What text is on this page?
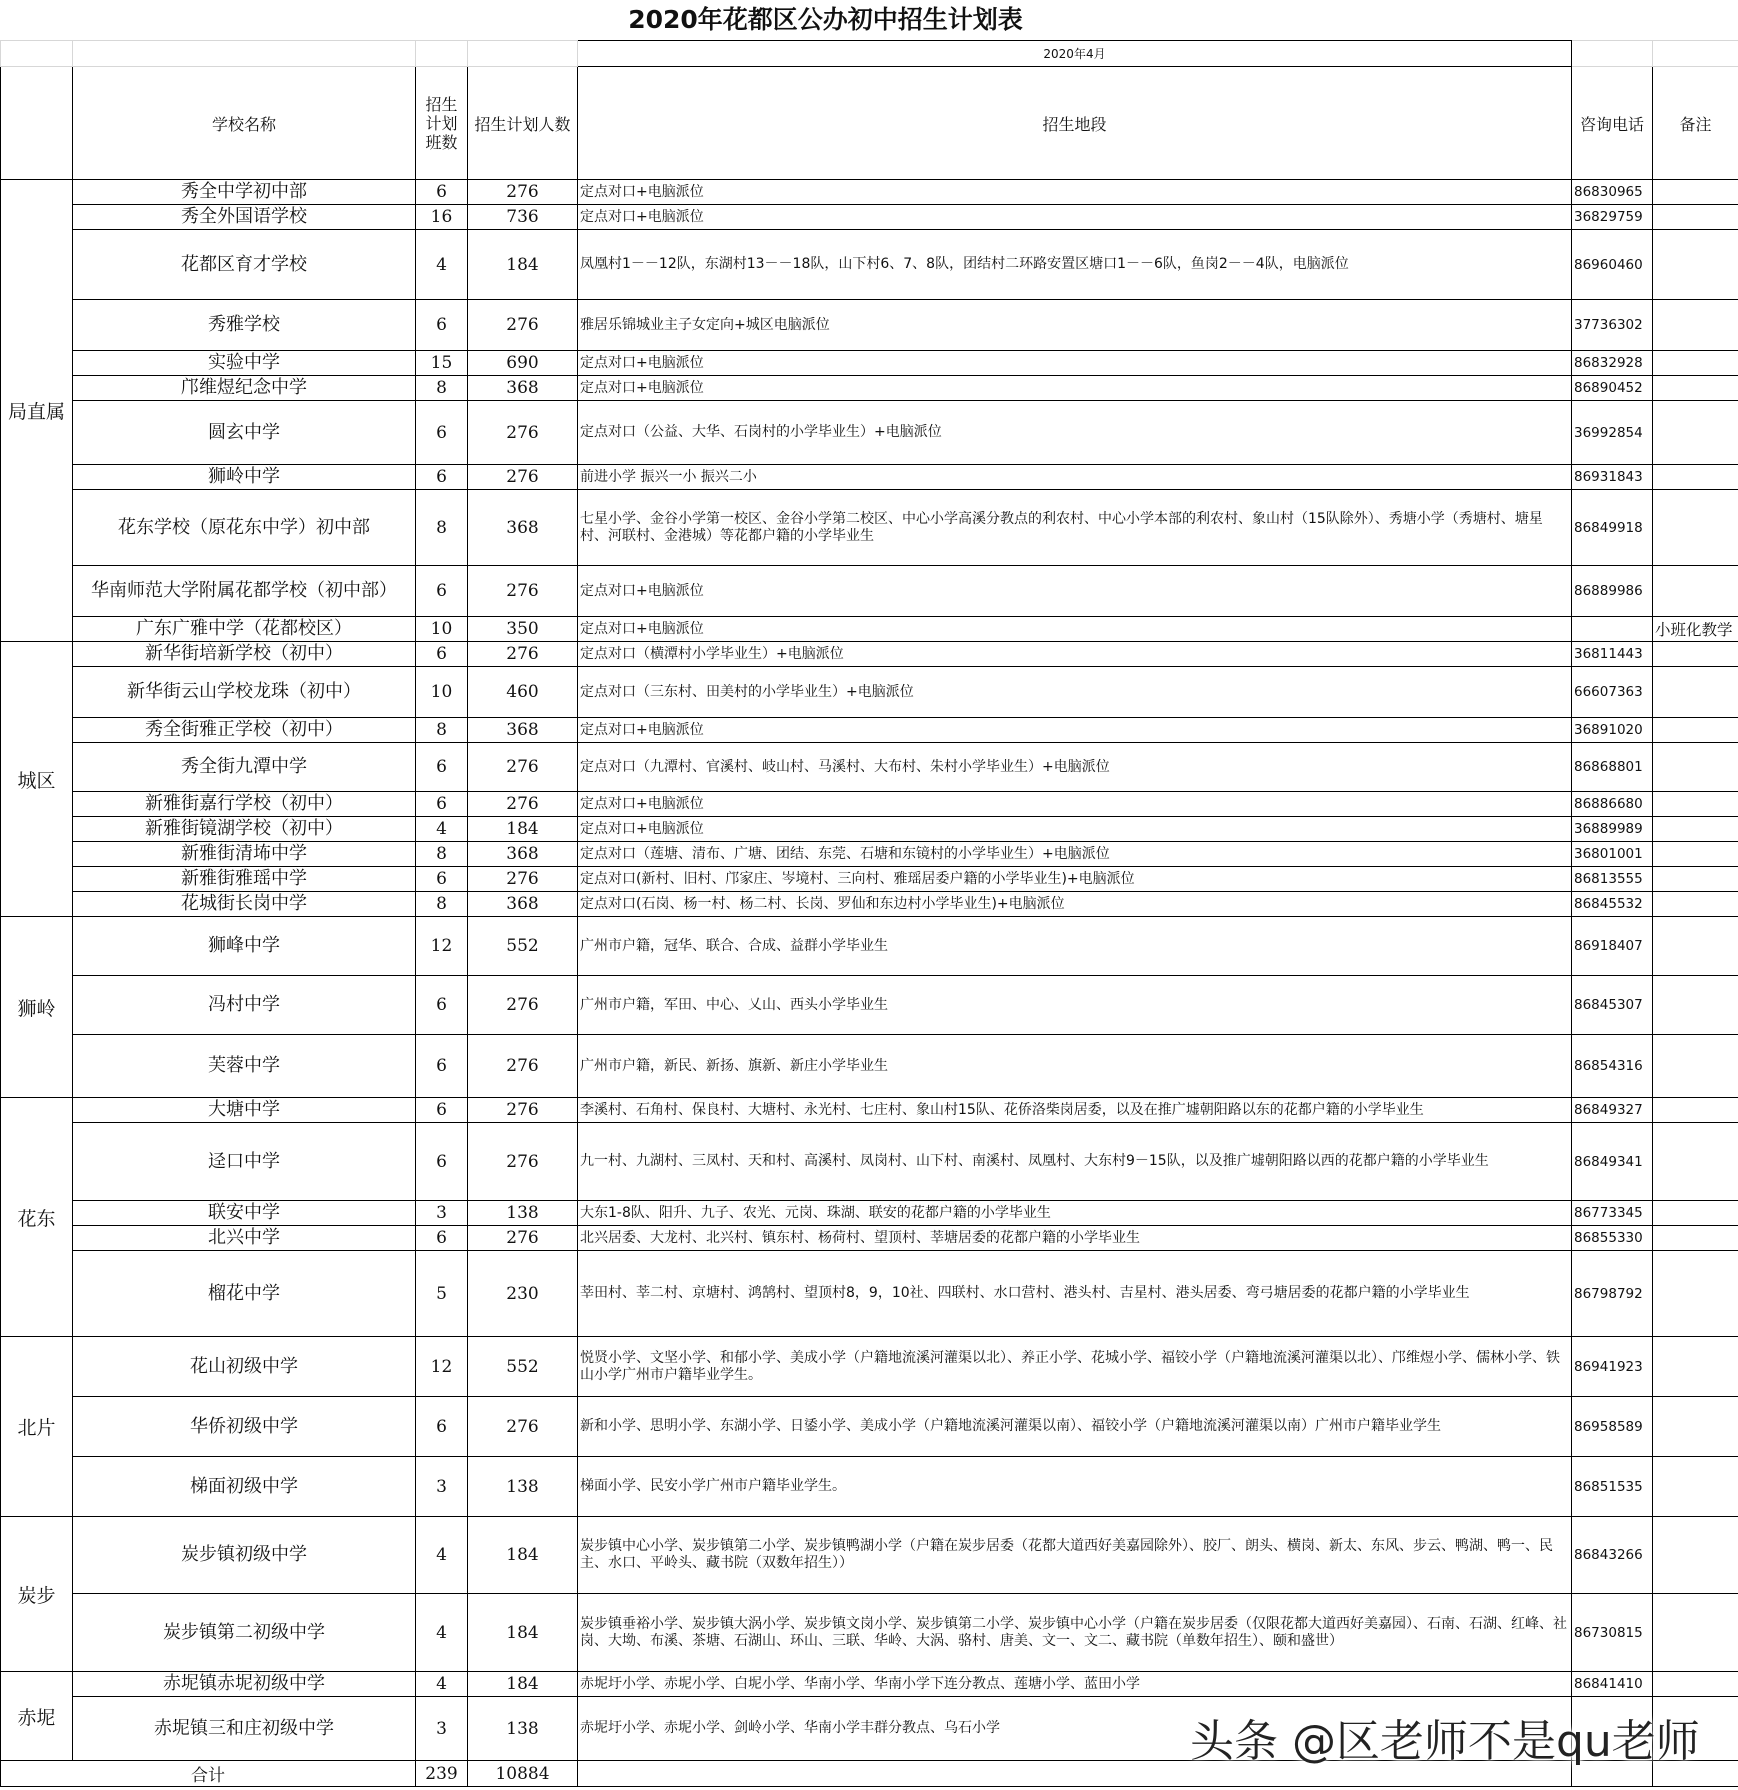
2020年花都区公办初中招生计划表
				2020年4月		
	学校名称	招生计划班数	招生计划人数	招生地段	咨询电话	备注
局直属	秀全中学初中部	6	276	定点对口+电脑派位	86830965	
	秀全外国语学校	16	736	定点对口+电脑派位	36829759	
	花都区育才学校	4	184	凤凰村1－－12队，东湖村13－－18队，山下村6、7、8队，团结村二环路安置区塘口1－－6队，鱼岗2－－4队，电脑派位	86960460	
	秀雅学校	6	276	雅居乐锦城业主子女定向+城区电脑派位	37736302	
	实验中学	15	690	定点对口+电脑派位	86832928	
	邝维煜纪念中学	8	368	定点对口+电脑派位	86890452	
	圆玄中学	6	276	定点对口（公益、大华、石岗村的小学毕业生）+电脑派位	36992854	
	狮岭中学	6	276	前进小学 振兴一小 振兴二小	86931843	
	花东学校（原花东中学）初中部	8	368	七星小学、金谷小学第一校区、金谷小学第二校区、中心小学高溪分教点的利农村、中心小学本部的利农村、象山村（15队除外）、秀塘小学（秀塘村、塘星村、河联村、金港城）等花都户籍的小学毕业生	86849918	
	华南师范大学附属花都学校（初中部）	6	276	定点对口+电脑派位	86889986	
	广东广雅中学（花都校区）	10	350	定点对口+电脑派位		小班化教学
城区	新华街培新学校（初中）	6	276	定点对口（横潭村小学毕业生）+电脑派位	36811443	
	新华街云山学校龙珠（初中）	10	460	定点对口（三东村、田美村的小学毕业生）+电脑派位	66607363	
	秀全街雅正学校（初中）	8	368	定点对口+电脑派位	36891020	
	秀全街九潭中学	6	276	定点对口（九潭村、官溪村、岐山村、马溪村、大布村、朱村小学毕业生）+电脑派位	86868801	
	新雅街嘉行学校（初中）	6	276	定点对口+电脑派位	86886680	
	新雅街镜湖学校（初中）	4	184	定点对口+电脑派位	36889989	
	新雅街清㘵中学	8	368	定点对口（莲塘、清布、广塘、团结、东莞、石塘和东镜村的小学毕业生）+电脑派位	36801001	
	新雅街雅瑶中学	6	276	定点对口(新村、旧村、邝家庄、岑境村、三向村、雅瑶居委户籍的小学毕业生)+电脑派位	86813555	
	花城街长岗中学	8	368	定点对口(石岗、杨一村、杨二村、长岗、罗仙和东边村小学毕业生)+电脑派位	86845532	
狮岭	狮峰中学	12	552	广州市户籍，冠华、联合、合成、益群小学毕业生	86918407	
	冯村中学	6	276	广州市户籍，军田、中心、乂山、西头小学毕业生	86845307	
	芙蓉中学	6	276	广州市户籍，新民、新扬、旗新、新庄小学毕业生	86854316	
花东	大塘中学	6	276	李溪村、石角村、保良村、大塘村、永光村、七庄村、象山村15队、花侨洛柴岗居委，以及在推广墟朝阳路以东的花都户籍的小学毕业生	86849327	
	迳口中学	6	276	九一村、九湖村、三凤村、天和村、高溪村、凤岗村、山下村、南溪村、凤凰村、大东村9－15队，以及推广墟朝阳路以西的花都户籍的小学毕业生	86849341	
	联安中学	3	138	大东1-8队、阳升、九子、农光、元岗、珠湖、联安的花都户籍的小学毕业生	86773345	
	北兴中学	6	276	北兴居委、大龙村、北兴村、镇东村、杨荷村、望顶村、莘塘居委的花都户籍的小学毕业生	86855330	
	榴花中学	5	230	莘田村、莘二村、京塘村、鸿鹄村、望顶村8，9，10社、四联村、水口营村、港头村、吉星村、港头居委、弯弓塘居委的花都户籍的小学毕业生	86798792	
北片	花山初级中学	12	552	悦贤小学、文坚小学、和郁小学、美成小学（户籍地流溪河灌渠以北）、养正小学、花城小学、福铰小学（户籍地流溪河灌渠以北）、邝维煜小学、儒林小学、铁山小学广州市户籍毕业学生。	86941923	
	华侨初级中学	6	276	新和小学、思明小学、东湖小学、日鋈小学、美成小学（户籍地流溪河灌渠以南）、福铰小学（户籍地流溪河灌渠以南）广州市户籍毕业学生	86958589	
	梯面初级中学	3	138	梯面小学、民安小学广州市户籍毕业学生。	86851535	
炭步	炭步镇初级中学	4	184	炭步镇中心小学、炭步镇第二小学、炭步镇鸭湖小学（户籍在炭步居委（花都大道西好美嘉园除外）、胶厂、朗头、横岗、新太、东风、步云、鸭湖、鸭一、民主、水口、平岭头、藏书院（双数年招生））	86843266	
	炭步镇第二初级中学	4	184	炭步镇垂裕小学、炭步镇大涡小学、炭步镇文岗小学、炭步镇第二小学、炭步镇中心小学（户籍在炭步居委（仅限花都大道西好美嘉园）、石南、石湖、红峰、社岗、大坳、布溪、茶塘、石湖山、环山、三联、华岭、大涡、骆村、唐美、文一、文二、藏书院（单数年招生）、颐和盛世）	86730815	
赤坭	赤坭镇赤坭初级中学	4	184	赤坭圩小学、赤坭小学、白坭小学、华南小学、华南小学下连分教点、莲塘小学、蓝田小学	86841410	
	赤坭镇三和庄初级中学	3	138	赤坭圩小学、赤坭小学、剑岭小学、华南小学丰群分教点、乌石小学		
合计		239	10884			
头条 @区老师不是qu老师
